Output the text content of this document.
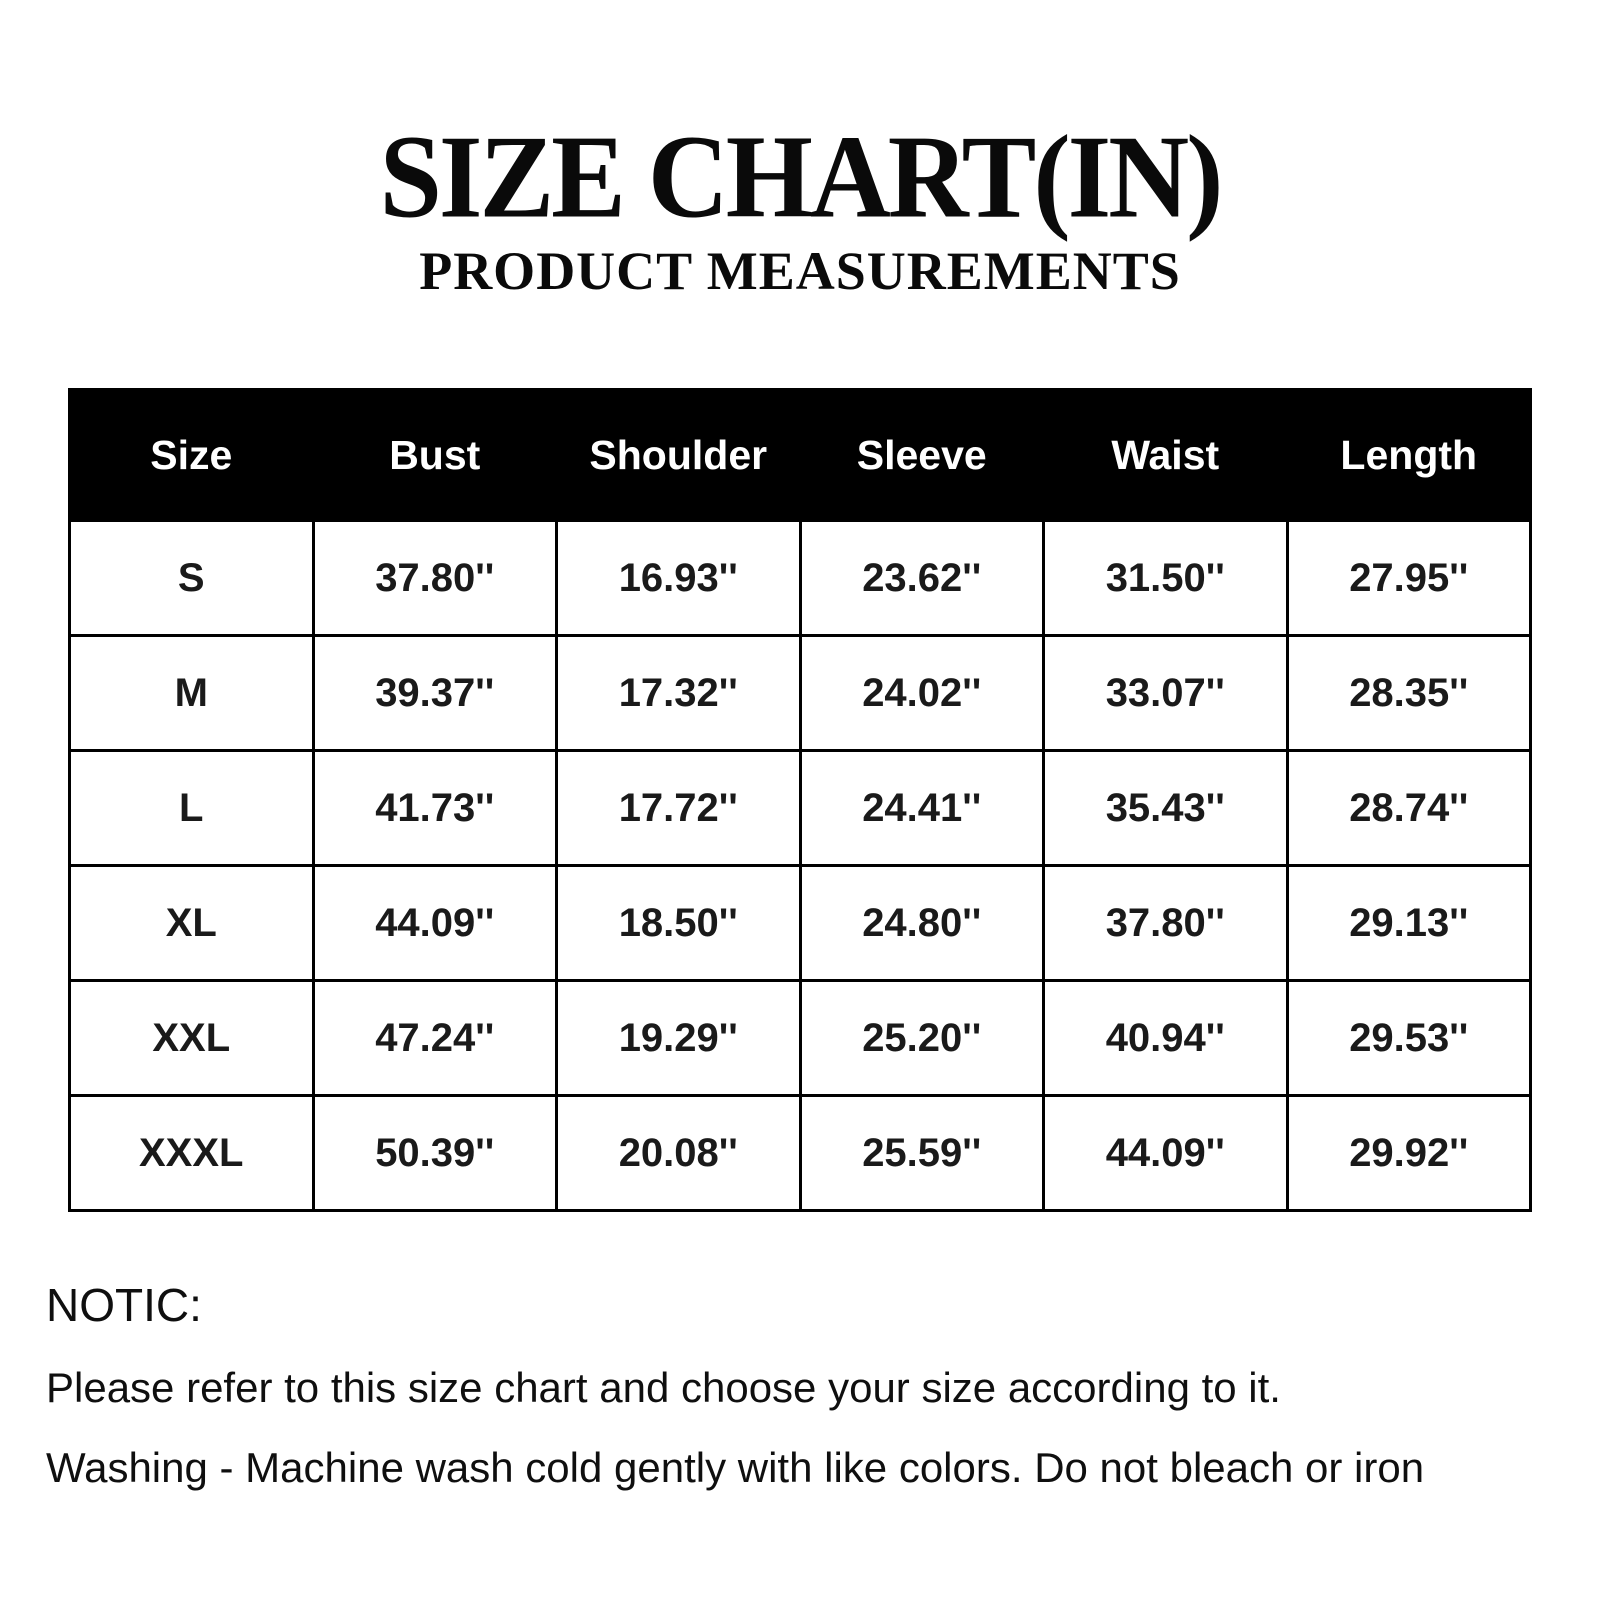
SIZE CHART(IN)
PRODUCT MEASUREMENTS
Size	Bust	Shoulder	Sleeve	Waist	Length
S	37.80''	16.93''	23.62''	31.50''	27.95''
M	39.37''	17.32''	24.02''	33.07''	28.35''
L	41.73''	17.72''	24.41''	35.43''	28.74''
XL	44.09''	18.50''	24.80''	37.80''	29.13''
XXL	47.24''	19.29''	25.20''	40.94''	29.53''
XXXL	50.39''	20.08''	25.59''	44.09''	29.92''

NOTIC:

Please refer to this size chart and choose your size according to it.

Washing - Machine wash cold gently with like colors. Do not bleach or iron
